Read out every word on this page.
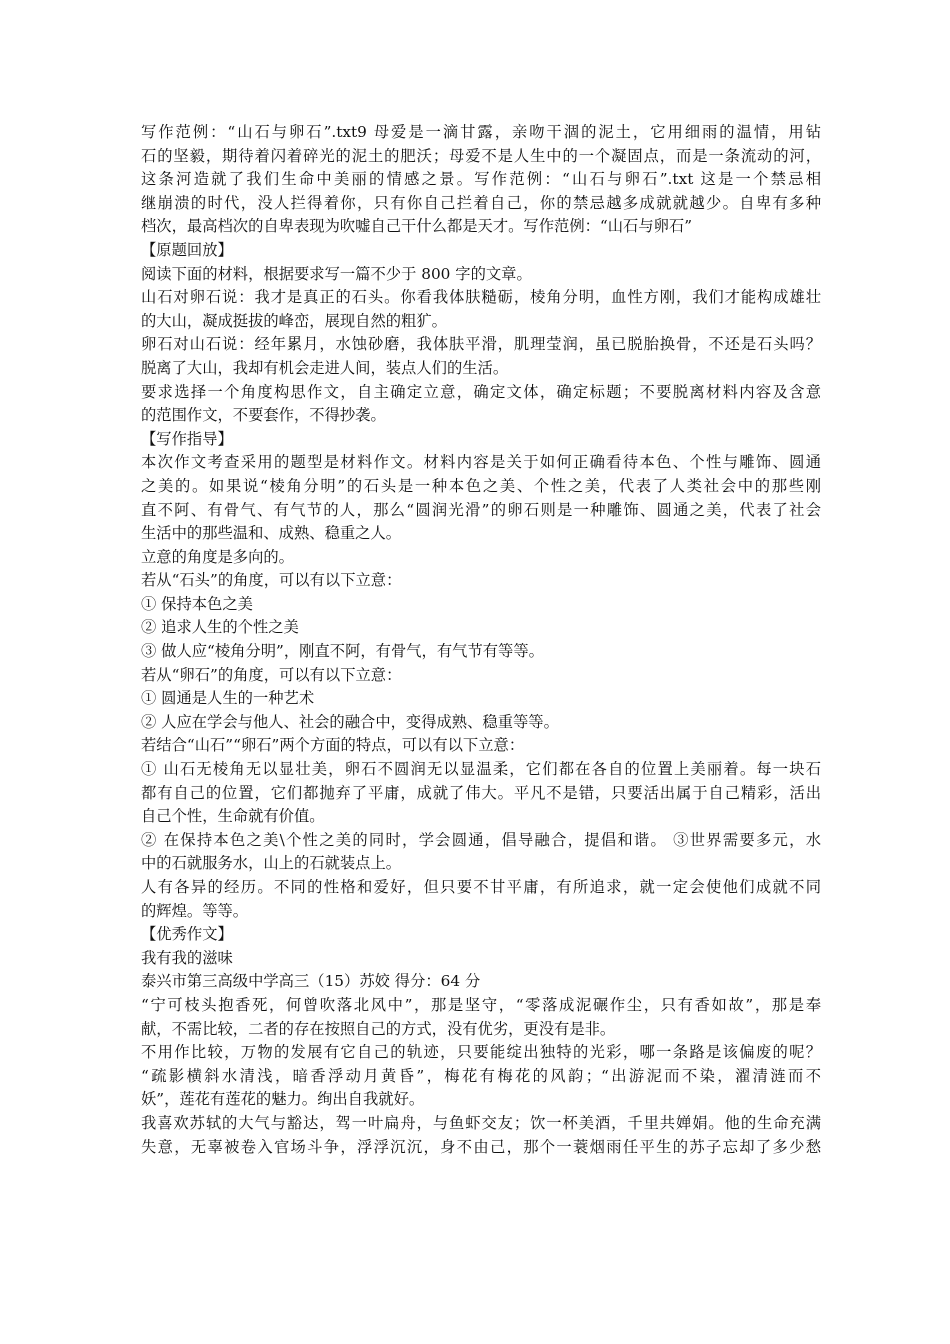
写作范例：“山石与卵石”.txt9 母爱是一滴甘露，亲吻干涸的泥土，它用细雨的温情，用钻
石的坚毅，期待着闪着碎光的泥土的肥沃；母爱不是人生中的一个凝固点，而是一条流动的河，
这条河造就了我们生命中美丽的情感之景。写作范例：“山石与卵石”.txt 这是一个禁忌相
继崩溃的时代，没人拦得着你，只有你自己拦着自己，你的禁忌越多成就就越少。自卑有多种
档次，最高档次的自卑表现为吹嘘自己干什么都是天才。写作范例：“山石与卵石”
【原题回放】
阅读下面的材料，根据要求写一篇不少于 800 字的文章。
山石对卵石说：我才是真正的石头。你看我体肤糙砺，棱角分明，血性方刚，我们才能构成雄壮
的大山，凝成挺拔的峰峦，展现自然的粗犷。
卵石对山石说：经年累月，水蚀砂磨，我体肤平滑，肌理莹润，虽已脱胎换骨，不还是石头吗？
脱离了大山，我却有机会走进人间，装点人们的生活。
要求选择一个角度构思作文，自主确定立意，确定文体，确定标题；不要脱离材料内容及含意
的范围作文，不要套作，不得抄袭。
【写作指导】
本次作文考查采用的题型是材料作文。材料内容是关于如何正确看待本色、个性与雕饰、圆通
之美的。如果说“棱角分明”的石头是一种本色之美、个性之美，代表了人类社会中的那些刚
直不阿、有骨气、有气节的人，那么“圆润光滑”的卵石则是一种雕饰、圆通之美，代表了社会
生活中的那些温和、成熟、稳重之人。
立意的角度是多向的。
若从“石头”的角度，可以有以下立意：
① 保持本色之美
② 追求人生的个性之美
③ 做人应“棱角分明”，刚直不阿，有骨气，有气节有等等。
若从“卵石”的角度，可以有以下立意：
① 圆通是人生的一种艺术
② 人应在学会与他人、社会的融合中，变得成熟、稳重等等。
若结合“山石”“卵石”两个方面的特点，可以有以下立意：
① 山石无棱角无以显壮美，卵石不圆润无以显温柔，它们都在各自的位置上美丽着。每一块石
都有自己的位置，它们都抛弃了平庸，成就了伟大。平凡不是错，只要活出属于自己精彩，活出
自己个性，生命就有价值。
② 在保持本色之美\个性之美的同时，学会圆通，倡导融合，提倡和谐。 ③世界需要多元，水
中的石就服务水，山上的石就装点上。
人有各异的经历。不同的性格和爱好，但只要不甘平庸，有所追求，就一定会使他们成就不同
的辉煌。等等。
【优秀作文】
我有我的滋味
泰兴市第三高级中学高三（15）苏姣 得分：64 分
“宁可枝头抱香死，何曾吹落北风中”，那是坚守，“零落成泥碾作尘，只有香如故”，那是奉
献，不需比较，二者的存在按照自己的方式，没有优劣，更没有是非。
不用作比较，万物的发展有它自己的轨迹，只要能绽出独特的光彩，哪一条路是该偏废的呢？
“疏影横斜水清浅，暗香浮动月黄昏”，梅花有梅花的风韵；“出游泥而不染，濯清涟而不
妖”，莲花有莲花的魅力。绚出自我就好。
我喜欢苏轼的大气与豁达，驾一叶扁舟，与鱼虾交友；饮一杯美酒，千里共婵娟。他的生命充满
失意，无辜被卷入官场斗争，浮浮沉沉，身不由己，那个一蓑烟雨任平生的苏子忘却了多少愁
